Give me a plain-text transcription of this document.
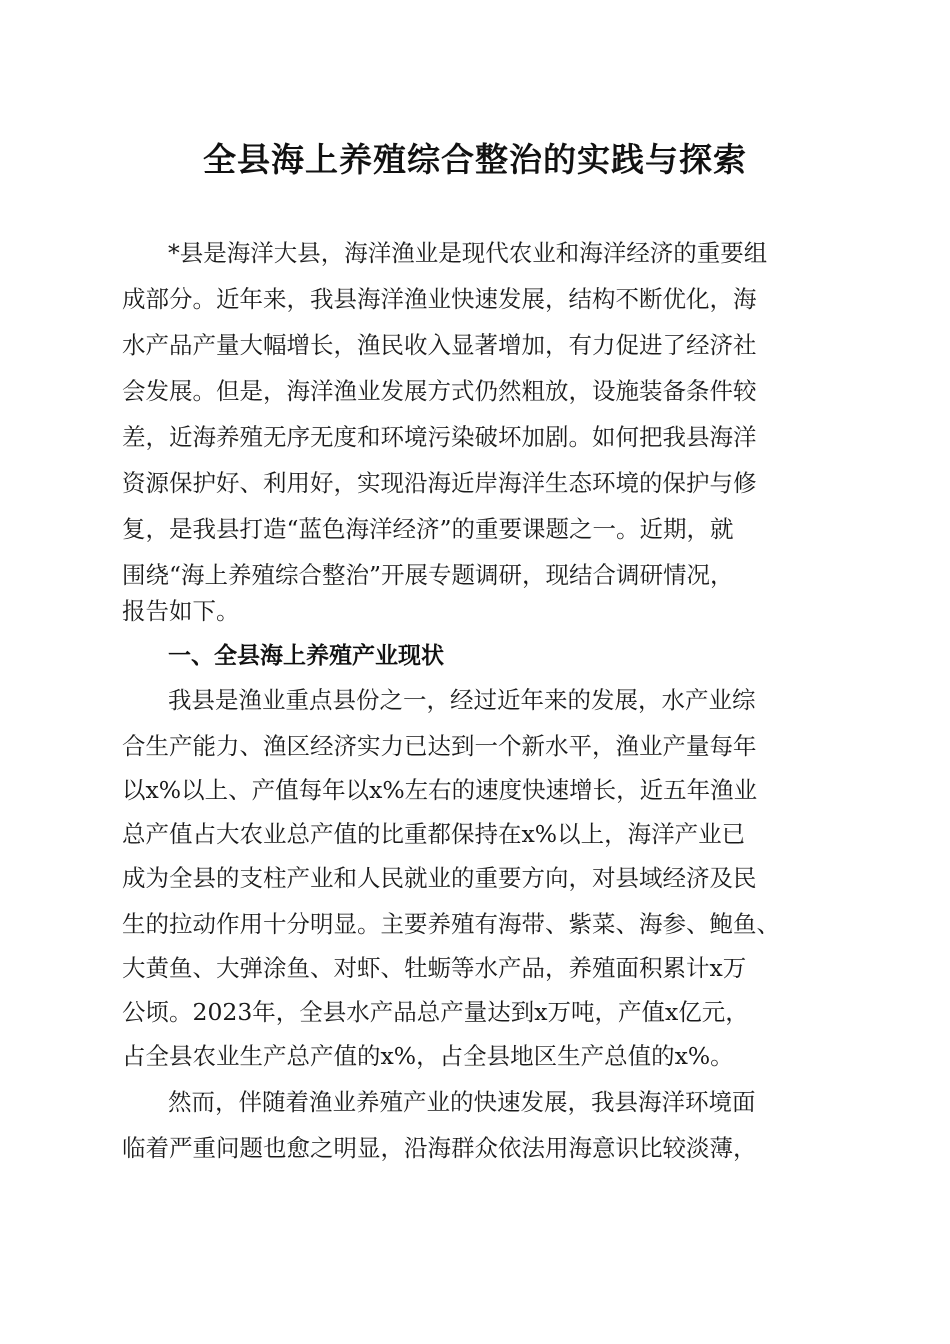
全县海上养殖综合整治的实践与探索
*县是海洋大县，海洋渔业是现代农业和海洋经济的重要组
成部分。近年来，我县海洋渔业快速发展，结构不断优化，海
水产品产量大幅增长，渔民收入显著增加，有力促进了经济社
会发展。但是，海洋渔业发展方式仍然粗放，设施装备条件较
差，近海养殖无序无度和环境污染破坏加剧。如何把我县海洋
资源保护好、利用好，实现沿海近岸海洋生态环境的保护与修
复，是我县打造“蓝色海洋经济”的重要课题之一。近期，就
围绕“海上养殖综合整治”开展专题调研，现结合调研情况，
报告如下。
一、全县海上养殖产业现状
我县是渔业重点县份之一，经过近年来的发展，水产业综
合生产能力、渔区经济实力已达到一个新水平，渔业产量每年
以x%以上、产值每年以x%左右的速度快速增长，近五年渔业
总产值占大农业总产值的比重都保持在x%以上，海洋产业已
成为全县的支柱产业和人民就业的重要方向，对县域经济及民
生的拉动作用十分明显。主要养殖有海带、紫菜、海参、鲍鱼、
大黄鱼、大弹涂鱼、对虾、牡蛎等水产品，养殖面积累计x万
公顷。2023年，全县水产品总产量达到x万吨，产值x亿元，
占全县农业生产总产值的x%，占全县地区生产总值的x%。
然而，伴随着渔业养殖产业的快速发展，我县海洋环境面
临着严重问题也愈之明显，沿海群众依法用海意识比较淡薄，
